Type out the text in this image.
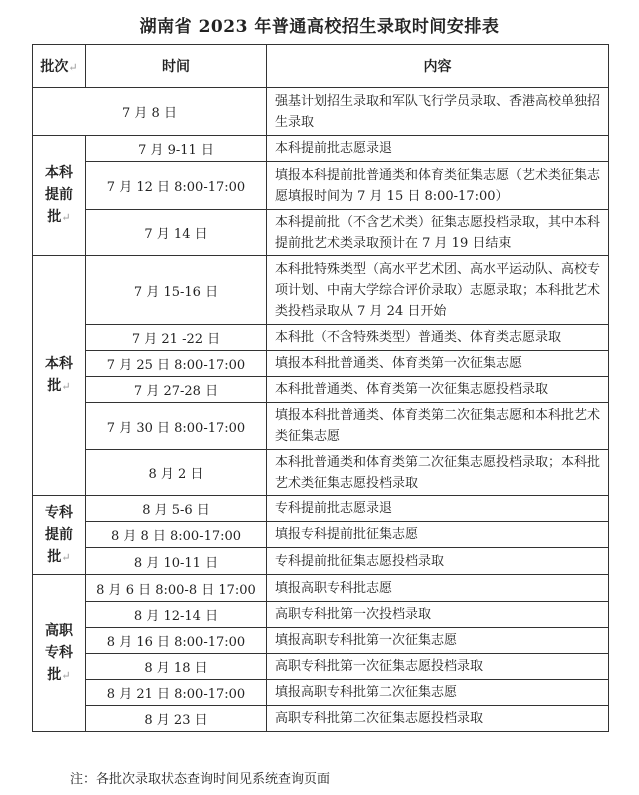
湖南省 2023 年普通高校招生录取时间安排表
批次↵	时间	内容
7 月 8 日		强基计划招生录取和军队飞行学员录取、香港高校单独招生录取

本科
提前
批↵	7 月 9-11 日	本科提前批志愿录退
	7 月 12 日 8:00-17:00	填报本科提前批普通类和体育类征集志愿（艺术类征集志愿填报时间为 7 月 15 日 8:00-17:00）
	7 月 14 日	本科提前批（不含艺术类）征集志愿投档录取，其中本科提前批艺术类录取预计在 7 月 19 日结束

本科
批↵	7 月 15-16 日	本科批特殊类型（高水平艺术团、高水平运动队、高校专项计划、中南大学综合评价录取）志愿录取；本科批艺术类投档录取从 7 月 24 日开始
	7 月 21 -22 日	本科批（不含特殊类型）普通类、体育类志愿录取
	7 月 25 日 8:00-17:00	填报本科批普通类、体育类第一次征集志愿
	7 月 27-28 日	本科批普通类、体育类第一次征集志愿投档录取
	7 月 30 日 8:00-17:00	填报本科批普通类、体育类第二次征集志愿和本科批艺术类征集志愿
	8 月 2 日	本科批普通类和体育类第二次征集志愿投档录取；本科批艺术类征集志愿投档录取

专科
提前
批↵	8 月 5-6 日	专科提前批志愿录退
	8 月 8 日 8:00-17:00	填报专科提前批征集志愿
	8 月 10-11 日	专科提前批征集志愿投档录取

高职
专科
批↵	8 月 6 日 8:00-8 日 17:00	填报高职专科批志愿
	8 月 12-14 日	高职专科批第一次投档录取
	8 月 16 日 8:00-17:00	填报高职专科批第一次征集志愿
	8 月 18 日	高职专科批第一次征集志愿投档录取
	8 月 21 日 8:00-17:00	填报高职专科批第二次征集志愿
	8 月 23 日	高职专科批第二次征集志愿投档录取
注：各批次录取状态查询时间见系统查询页面
